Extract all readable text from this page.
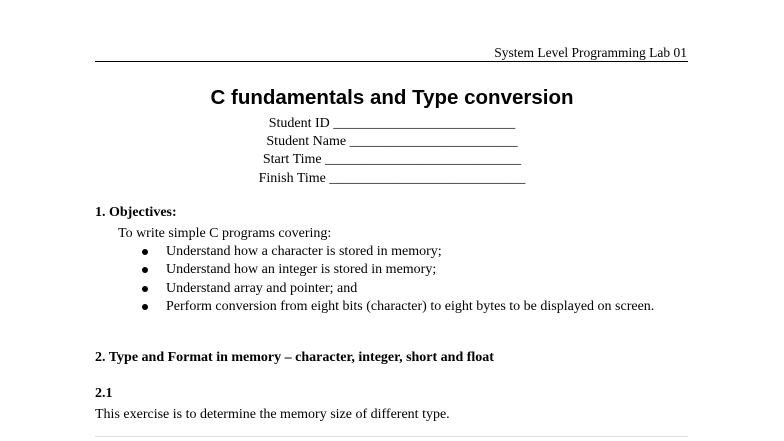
System Level Programming Lab 01
C fundamentals and Type conversion
Student ID __________________________
Student Name ________________________
Start Time ____________________________
Finish Time ____________________________
1. Objectives:
To write simple C programs covering:
Understand how a character is stored in memory;
Understand how an integer is stored in memory;
Understand array and pointer; and
Perform conversion from eight bits (character) to eight bytes to be displayed on screen.
2. Type and Format in memory – character, integer, short and float
2.1
This exercise is to determine the memory size of different type.
